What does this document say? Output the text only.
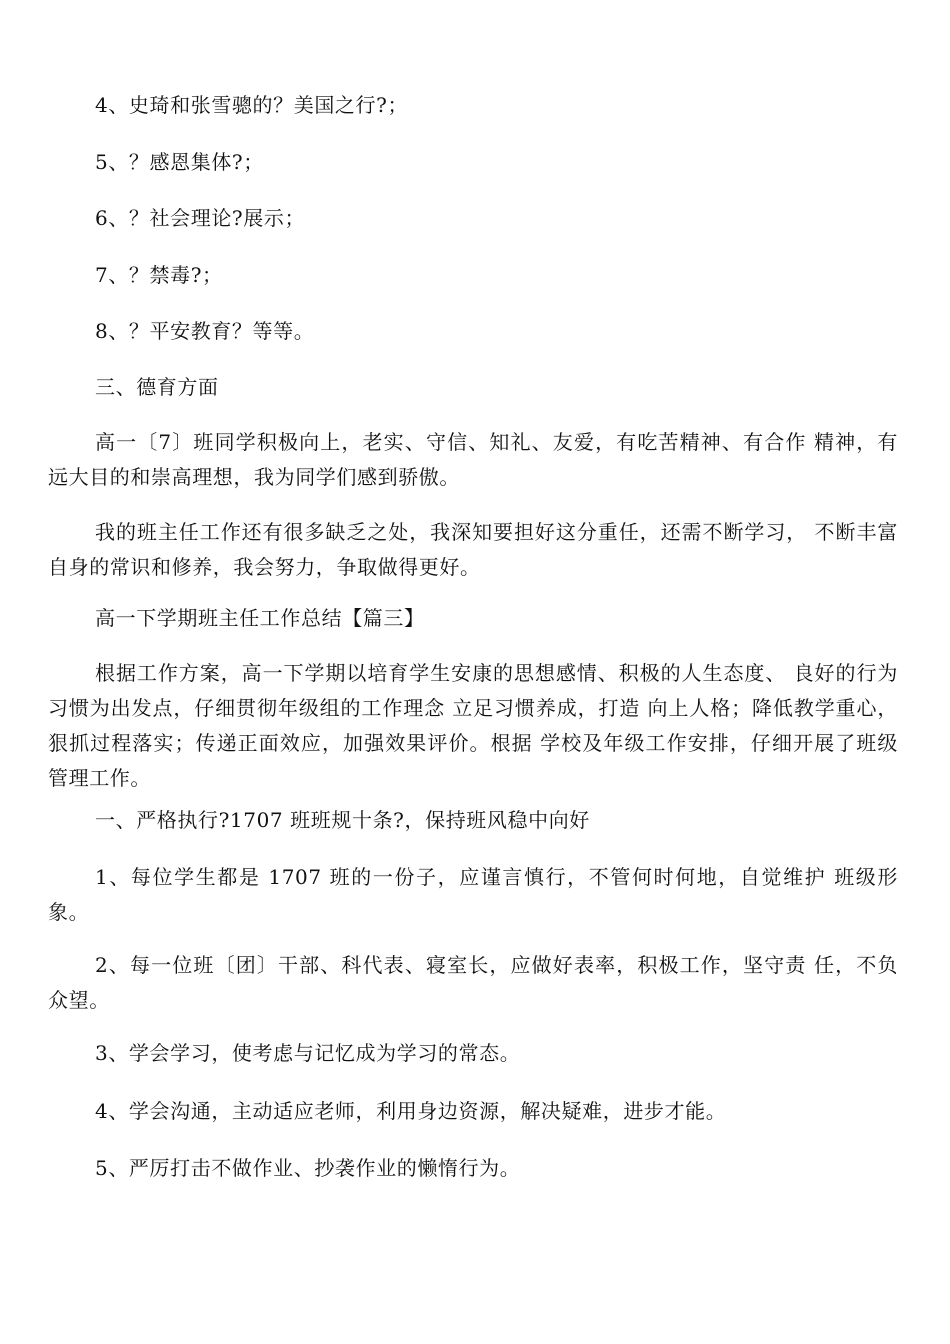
4、史琦和张雪骢的？美国之行?；

5、？感恩集体?；

6、？社会理论?展示；

7、？禁毒?；

8、？平安教育？等等。

三、德育方面

高一〔7〕班同学积极向上，老实、守信、知礼、友爱，有吃苦精神、有合作 精神，有远大目的和崇高理想，我为同学们感到骄傲。

我的班主任工作还有很多缺乏之处，我深知要担好这分重任，还需不断学习， 不断丰富自身的常识和修养，我会努力，争取做得更好。

高一下学期班主任工作总结【篇三】

根据工作方案，高一下学期以培育学生安康的思想感情、积极的人生态度、 良好的行为习惯为出发点，仔细贯彻年级组的工作理念 立足习惯养成，打造 向上人格；降低教学重心，狠抓过程落实；传递正面效应，加强效果评价。根据 学校及年级工作安排，仔细开展了班级管理工作。

一、严格执行?1707 班班规十条?，保持班风稳中向好

1、每位学生都是 1707 班的一份子，应谨言慎行，不管何时何地，自觉维护 班级形象。

2、每一位班〔团〕干部、科代表、寝室长，应做好表率，积极工作，坚守责 任，不负众望。

3、学会学习，使考虑与记忆成为学习的常态。

4、学会沟通，主动适应老师，利用身边资源，解决疑难，进步才能。

5、严厉打击不做作业、抄袭作业的懒惰行为。
